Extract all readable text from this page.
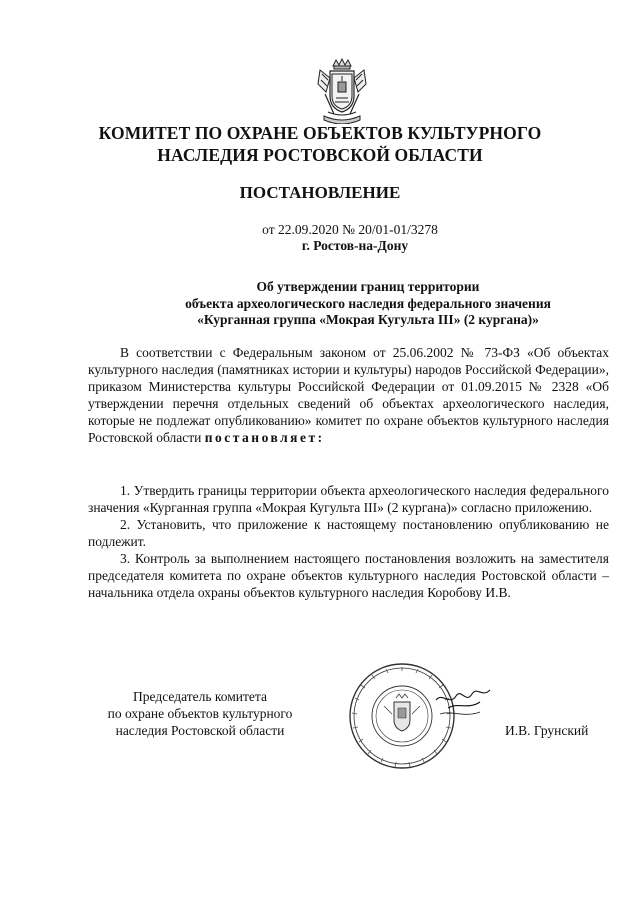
КОМИТЕТ ПО ОХРАНЕ ОБЪЕКТОВ КУЛЬТУРНОГО
НАСЛЕДИЯ РОСТОВСКОЙ ОБЛАСТИ
ПОСТАНОВЛЕНИЕ
от 22.09.2020 № 20/01-01/3278
г. Ростов-на-Дону
Об утверждении границ территории
объекта археологического наследия федерального значения
«Курганная группа «Мокрая Кугульта III» (2 кургана)»
В соответствии с Федеральным законом от 25.06.2002 № 73-ФЗ «Об объектах культурного наследия (памятниках истории и культуры) народов Российской Федерации», приказом Министерства культуры Российской Федерации от 01.09.2015 № 2328 «Об утверждении перечня отдельных сведений об объектах археологического наследия, которые не подлежат опубликованию» комитет по охране объектов культурного наследия Ростовской области постановляет:

1. Утвердить границы территории объекта археологического наследия федерального значения «Курганная группа «Мокрая Кугульта III» (2 кургана)» согласно приложению.

2. Установить, что приложение к настоящему постановлению опубликованию не подлежит.

3. Контроль за выполнением настоящего постановления возложить на заместителя председателя комитета по охране объектов культурного наследия Ростовской области – начальника отдела охраны объектов культурного наследия Коробову И.В.

Председатель комитета
по охране объектов культурного
наследия Ростовской области	И.В. Грунский
